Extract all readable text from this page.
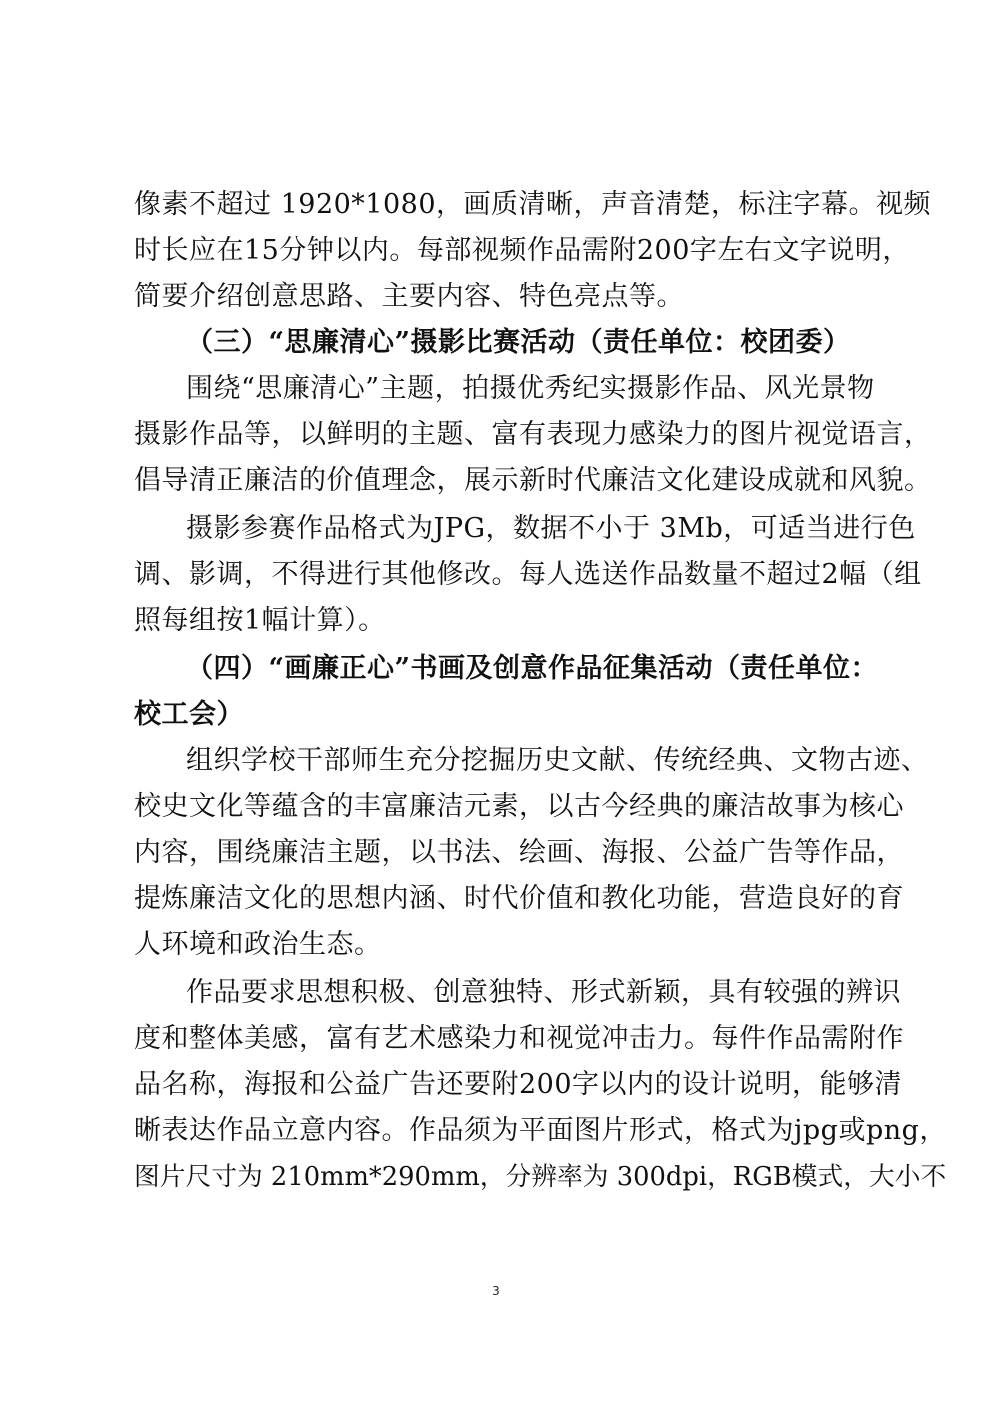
像素不超过 1920*1080，画质清晰，声音清楚，标注字幕。视频
时长应在15分钟以内。每部视频作品需附200字左右文字说明，
简要介绍创意思路、主要内容、特色亮点等。
（三）“思廉清心”摄影比赛活动（责任单位：校团委）
围绕“思廉清心”主题，拍摄优秀纪实摄影作品、风光景物
摄影作品等，以鲜明的主题、富有表现力感染力的图片视觉语言，
倡导清正廉洁的价值理念，展示新时代廉洁文化建设成就和风貌。
摄影参赛作品格式为JPG，数据不小于 3Mb，可适当进行色
调、影调，不得进行其他修改。每人选送作品数量不超过2幅（组
照每组按1幅计算）。
（四）“画廉正心”书画及创意作品征集活动（责任单位：
校工会）
组织学校干部师生充分挖掘历史文献、传统经典、文物古迹、
校史文化等蕴含的丰富廉洁元素，以古今经典的廉洁故事为核心
内容，围绕廉洁主题，以书法、绘画、海报、公益广告等作品，
提炼廉洁文化的思想内涵、时代价值和教化功能，营造良好的育
人环境和政治生态。
作品要求思想积极、创意独特、形式新颖，具有较强的辨识
度和整体美感，富有艺术感染力和视觉冲击力。每件作品需附作
品名称，海报和公益广告还要附200字以内的设计说明，能够清
晰表达作品立意内容。作品须为平面图片形式，格式为jpg或png，
图片尺寸为 210mm*290mm，分辨率为 300dpi，RGB模式，大小不
3
